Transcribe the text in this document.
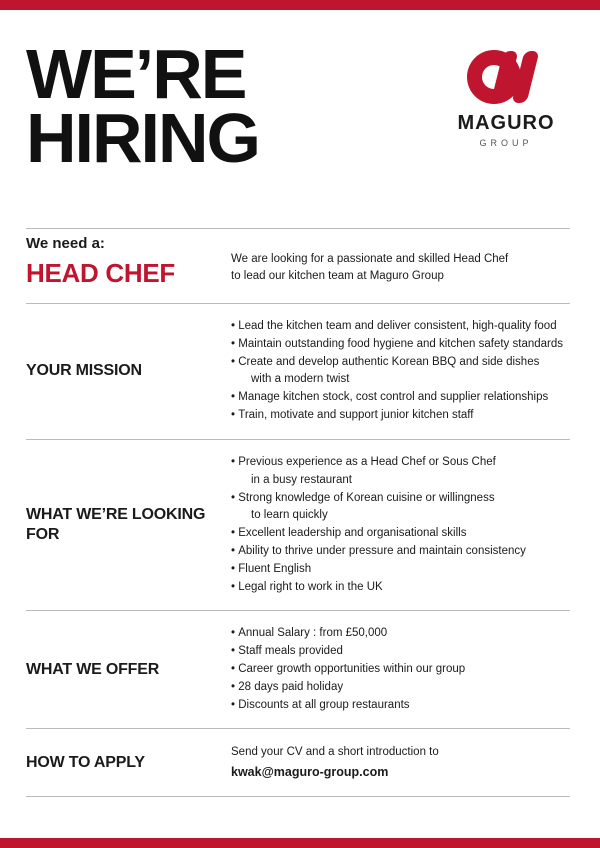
WE’RE
HIRING	MAGURO
GROUP
We need a:
HEAD CHEF	We are looking for a passionate and skilled Head Chef
to lead our kitchen team at Maguro Group
YOUR MISSION
• Lead the kitchen team and deliver consistent, high-quality food
• Maintain outstanding food hygiene and kitchen safety standards
• Create and develop authentic Korean BBQ and side dishes
with a modern twist
• Manage kitchen stock, cost control and supplier relationships
• Train, motivate and support junior kitchen staff
WHAT WE’RE LOOKING FOR
• Previous experience as a Head Chef or Sous Chef
in a busy restaurant
• Strong knowledge of Korean cuisine or willingness
to learn quickly
• Excellent leadership and organisational skills
• Ability to thrive under pressure and maintain consistency
• Fluent English
• Legal right to work in the UK
WHAT WE OFFER
• Annual Salary : from £50,000
• Staff meals provided
• Career growth opportunities within our group
• 28 days paid holiday
• Discounts at all group restaurants
HOW TO APPLY
Send your CV and a short introduction to
kwak@maguro-group.com
